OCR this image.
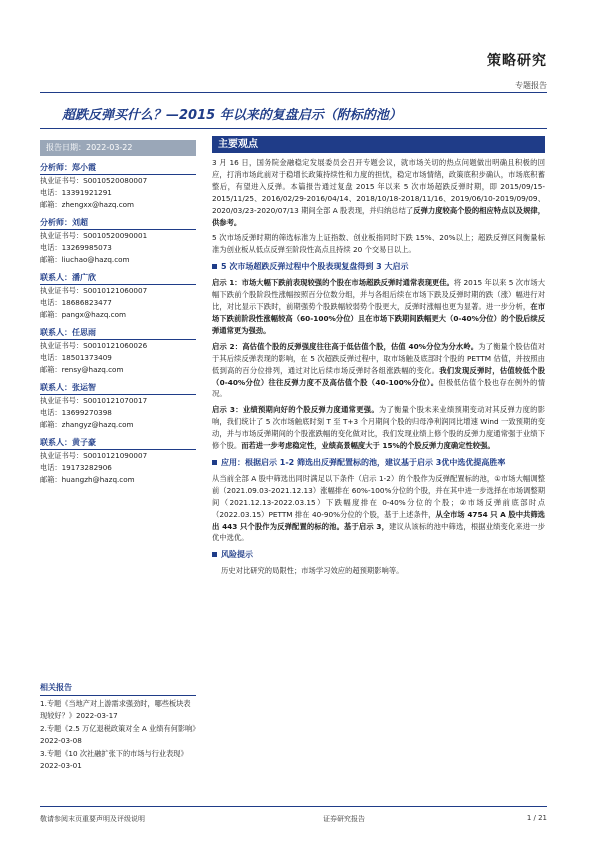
策略研究
专题报告
超跌反弹买什么？—2015 年以来的复盘启示（附标的池）
报告日期：2022-03-22
分析师：郑小霞
执业证书号：S0010520080007
电话：13391921291
邮箱：zhengxx@hazq.com
分析师：刘超
执业证书号：S0010520090001
电话：13269985073
邮箱：liuchao@hazq.com
联系人：潘广欣
执业证书号：S0010121060007
电话：18686823477
邮箱：pangx@hazq.com
联系人：任思雨
执业证书号：S0010121060026
电话：18501373409
邮箱：rensy@hazq.com
联系人：张运智
执业证书号：S0010121070017
电话：13699270398
邮箱：zhangyz@hazq.com
联系人：黄子豪
执业证书号：S0010121090007
电话：19173282906
邮箱：huangzh@hazq.com
相关报告
1.专题《当地产对上游需求强劲时，哪些板块表现较好？》2022-03-17
2.专题《2.5 万亿退税政策对全 A 业绩有何影响》2022-03-08
3.专题《10 次社融扩张下的市场与行业表现》2022-03-01
主要观点
3 月 16 日，国务院金融稳定发展委员会召开专题会议，就市场关切的热点问题做出明确且积极的回应，打消市场此前对于稳增长政策持续性和力度的担忧，稳定市场情绪，政策底积步确认，市场底积蓄整后，有望进入反弹。本篇报告通过复盘 2015 年以来 5 次市场超跌反弹时期，即 2015/09/15-2015/11/25、2016/02/29-2016/04/14、2018/10/18-2018/11/16、2019/06/10-2019/09/09、2020/03/23-2020/07/13 期间全部 A 股表现，并归纳总结了反弹力度较高个股的相应特点以及规律，供参考。
5 次市场反弹时期的筛选标准为上证指数、创业板指同时下跌 15%、20%以上；超跌反弹区间衡量标准为创业板从低点反弹至阶段性高点且持续 20 个交易日以上。
5 次市场超跌反弹过程中个股表现复盘得到 3 大启示
启示 1：市场大幅下跌前表现较强的个股在市场超跌反弹时通常表现更佳。将 2015 年以来 5 次市场大幅下跌前个股阶段性涨幅按照百分位数分组，并与各组后续在市场下跌及反弹时期的跌（涨）幅进行对比，对比显示下跌时，前期强势个股跌幅较弱势个股更大，反弹时涨幅也更为显著。进一步分析，在市场下跌前阶段性涨幅较高（60-100%分位）且在市场下跌期间跌幅更大（0-40%分位）的个股后续反弹通常更为强劲。
启示 2：高估值个股的反弹强度往往高于低估值个股，估值 40%分位为分水岭。为了衡量个股估值对于其后续反弹表现的影响，在 5 次超跌反弹过程中，取市场触及底部时个股的 PETTM 估值，并按照由低到高的百分位排列，通过对比后续市场反弹时各组涨跌幅的变化。我们发现反弹时，估值较低个股（0-40%分位）往往反弹力度不及高估值个股（40-100%分位）。但极低估值个股也存在例外的情况。
启示 3：业绩预期向好的个股反弹力度通常更强。为了衡量个股未来业绩预期变动对其反弹力度的影响，我们统计了 5 次市场触底时刻 T 至 T+3 个月期间个股的归母净利润同比增速 Wind 一致预期的变动，并与市场反弹期间的个股涨跌幅的变化做对比，我们发现业绩上修个股的反弹力度通常强于业绩下修个股。而若进一步考虑稳定性，业绩高景幅度大于 15%的个股反弹力度确定性较强。
应用：根据启示 1-2 筛选出反弹配置标的池，建议基于启示 3优中选优提高胜率
从当前全部 A 股中筛选出同时满足以下条件（启示 1-2）的个股作为反弹配置标的池，①市场大幅调整前（2021.09.03-2021.12.13）涨幅排在 60%-100%分位的个股，并在其中进一步选择在市场调整期间（2021.12.13-2022.03.15）下跌幅度排在 0-40%分位的个股；②市场反弹前底部时点（2022.03.15）PETTM 排在 40-90%分位的个股，基于上述条件，从全市场 4754 只 A 股中共筛选出 443 只个股作为反弹配置的标的池。基于启示 3，建议从该标的池中筛选，根据业绩变化来进一步优中选优。
风险提示
历史对比研究的局限性；市场学习效应的超预期影响等。
敬请参阅末页重要声明及评级说明	证券研究报告	1 / 21
